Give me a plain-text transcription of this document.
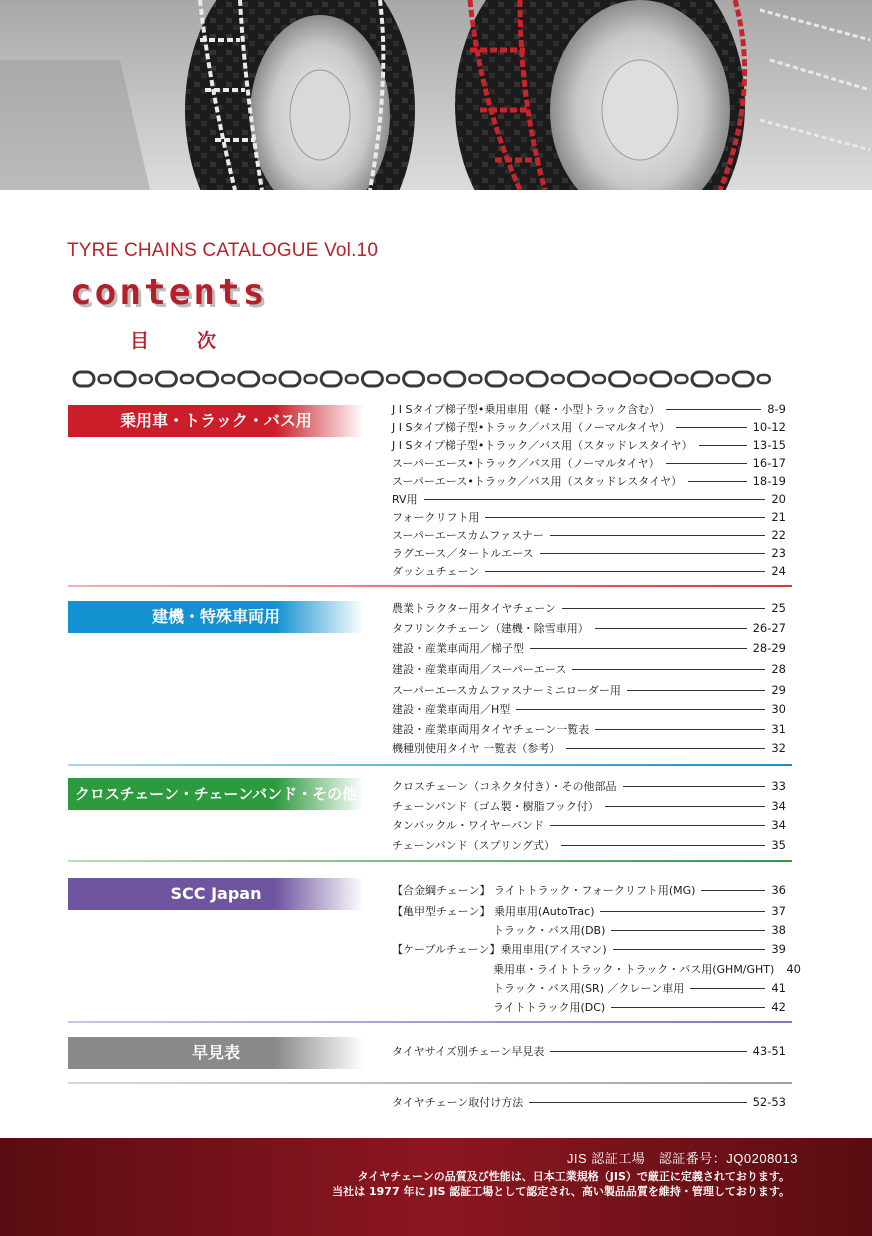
TYRE CHAINS CATALOGUE Vol.10
contents
目次
乗用車・トラック・バス用
J I Sタイプ梯子型•乗用車用（軽・小型トラック含む）	8-9
J I Sタイプ梯子型•トラック／バス用（ノーマルタイヤ）	10-12
J I Sタイプ梯子型•トラック／バス用（スタッドレスタイヤ）	13-15
スーパーエース•トラック／バス用（ノーマルタイヤ）	16-17
スーパーエース•トラック／バス用（スタッドレスタイヤ）	18-19
RV用	20
フォークリフト用	21
スーパーエースカムファスナー	22
ラグエース／タートルエース	23
ダッシュチェーン	24
建機・特殊車両用	農業トラクター用タイヤチェーン	25
タフリンクチェーン（建機・除雪車用）	26-27
建設・産業車両用／梯子型	28-29
建設・産業車両用／スーパーエース	28
スーパーエースカムファスナーミニローダー用	29
建設・産業車両用／H型	30
建設・産業車両用タイヤチェーン一覧表	31
機種別使用タイヤ 一覧表（参考）	32
クロスチェーン・チェーンバンド・その他	クロスチェーン（コネクタ付き）・その他部品	33
チェーンバンド（ゴム製・樹脂フック付）	34
タンバックル・ワイヤーバンド	34
チェーンバンド（スプリング式）	35
SCC Japan	【合金綱チェーン】 ライトトラック・フォークリフト用(MG)	36
【亀甲型チェーン】 乗用車用(AutoTrac)	37
トラック・バス用(DB)	38
【ケーブルチェーン】乗用車用(アイスマン)	39
乗用車・ライトトラック・トラック・バス用(GHM/GHT) 40
トラック・バス用(SR) ／クレーン車用	41
ライトトラック用(DC)	42
早見表	タイヤサイズ別チェーン早見表	43-51
タイヤチェーン取付け方法	52-53
JIS 認証工場　認証番号：JQ0208013
タイヤチェーンの品質及び性能は、日本工業規格（JIS）で厳正に定義されております。
当社は 1977 年に JIS 認証工場として認定され、高い製品品質を維持・管理しております。
